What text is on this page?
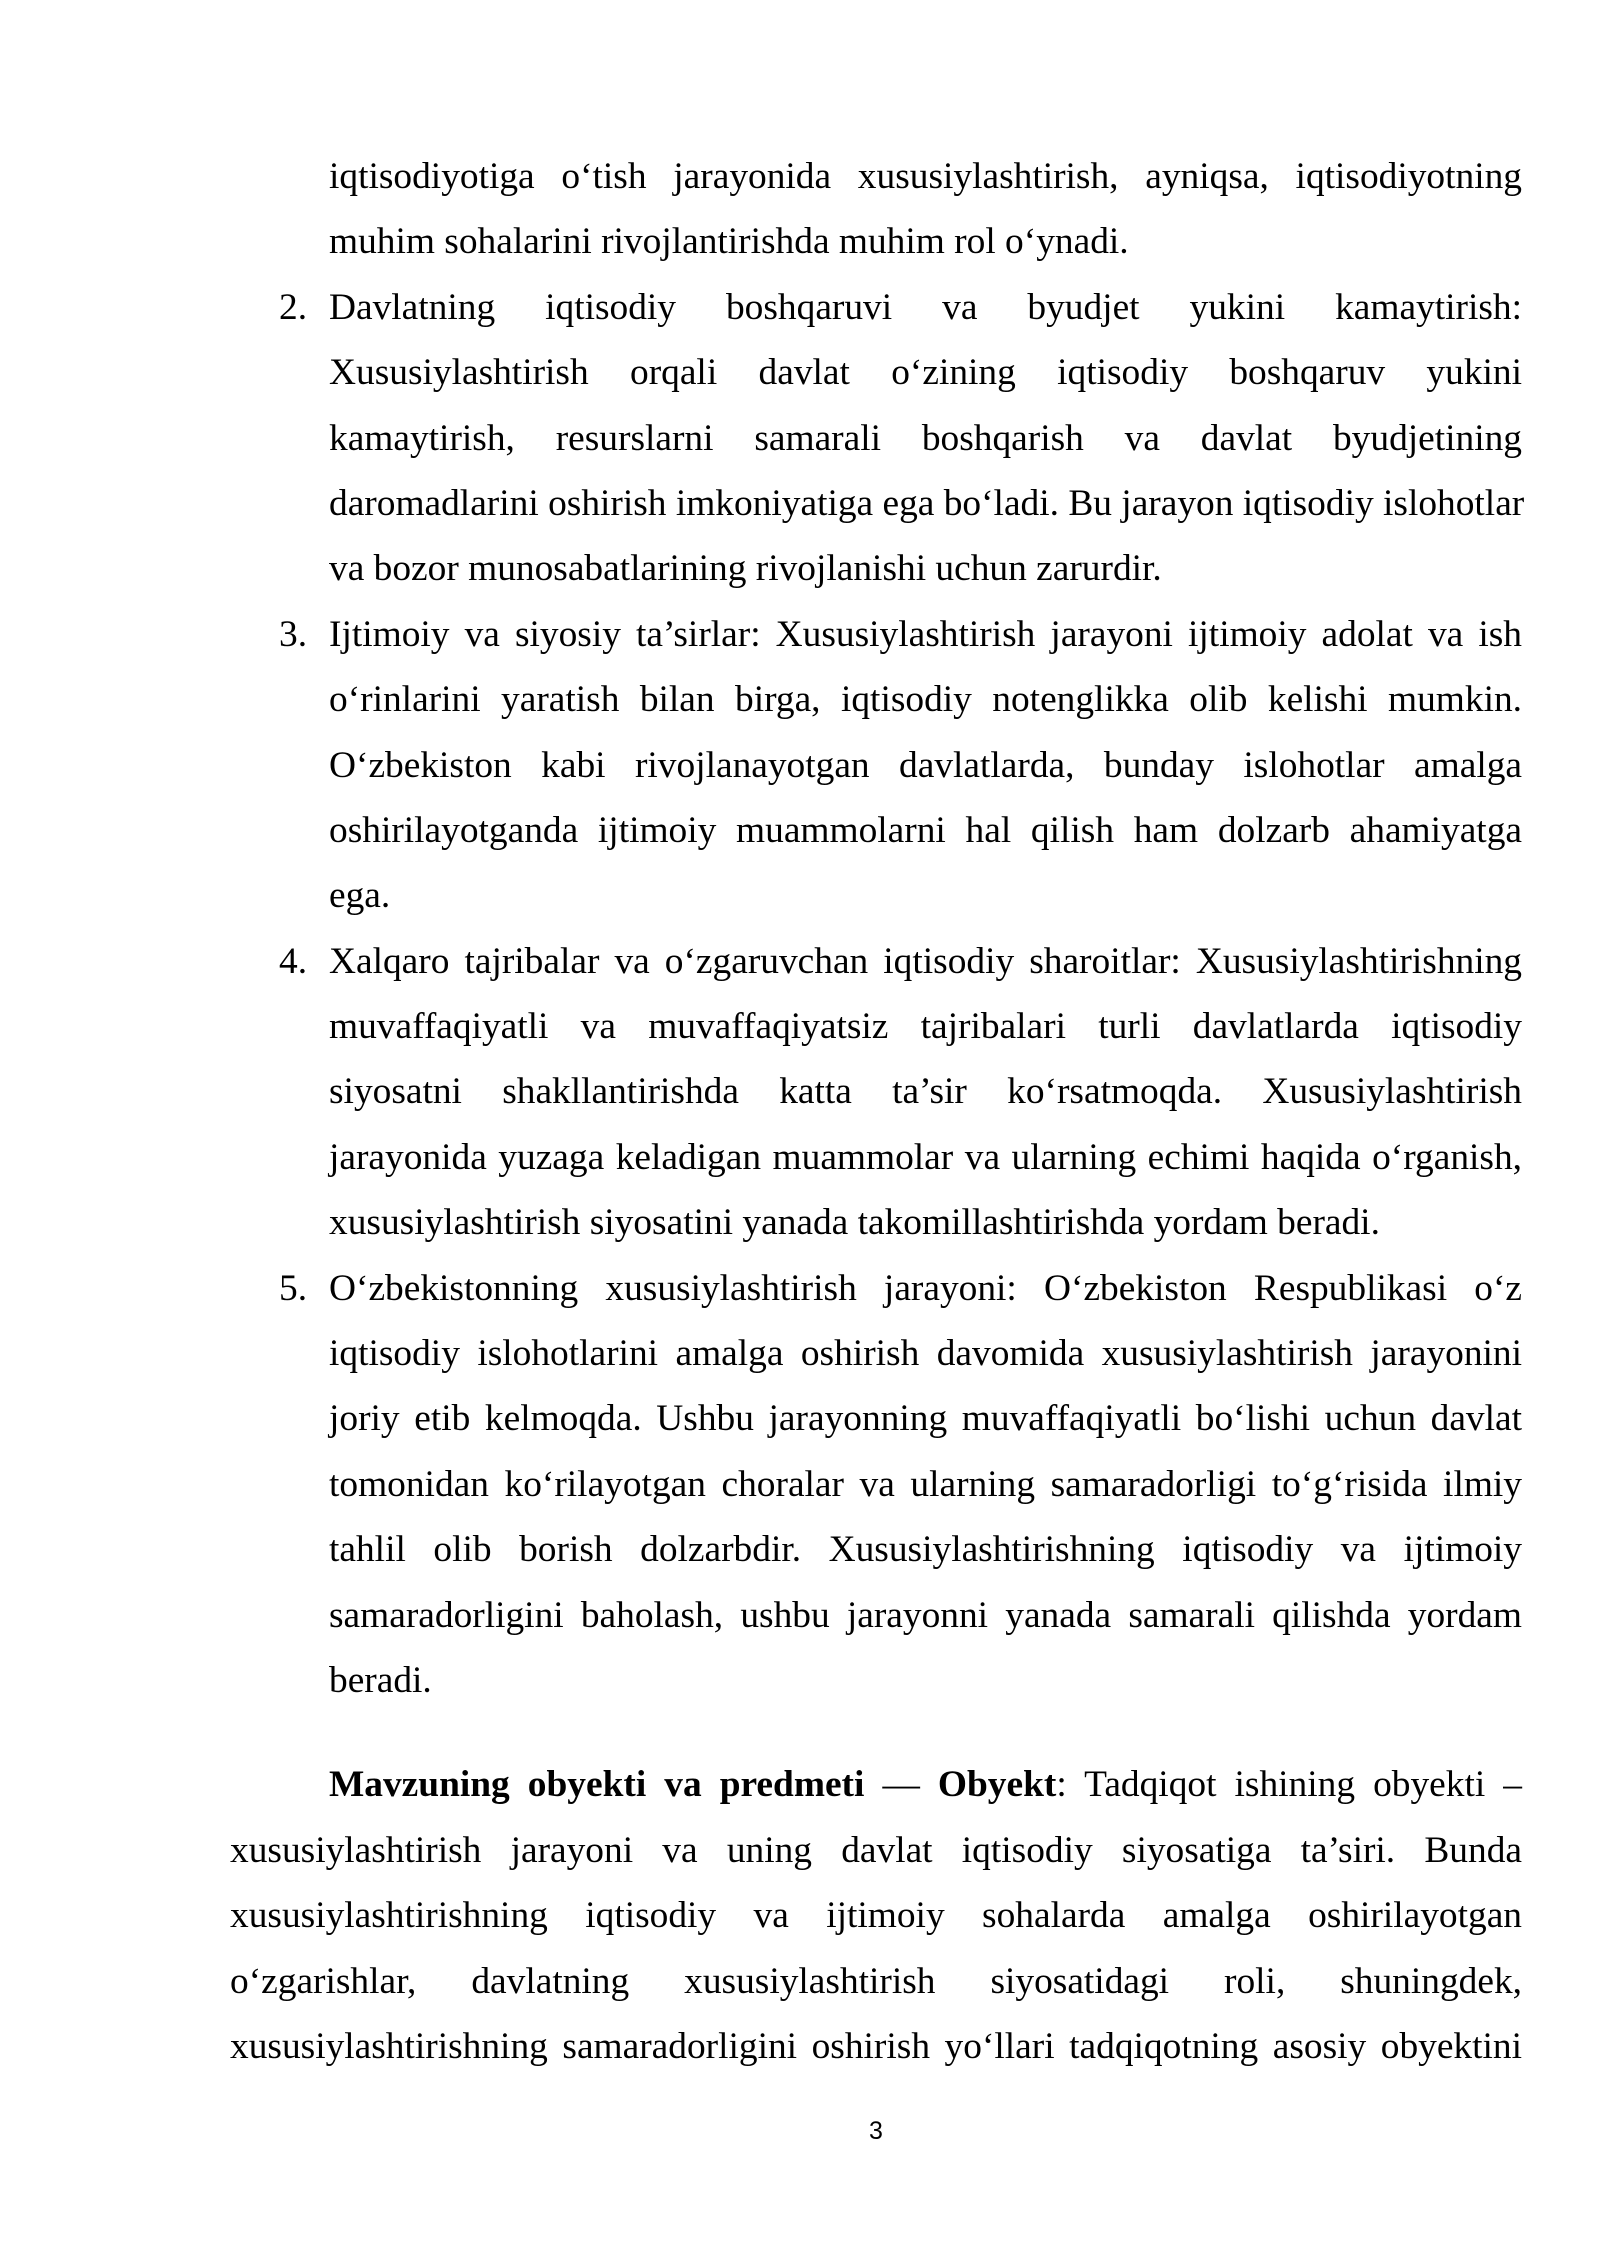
iqtisodiyotiga o‘tish jarayonida xususiylashtirish, ayniqsa, iqtisodiyotning
muhim sohalarini rivojlantirishda muhim rol o‘ynadi.
2. Davlatning iqtisodiy boshqaruvi va byudjet yukini kamaytirish:
Xususiylashtirish orqali davlat o‘zining iqtisodiy boshqaruv yukini
kamaytirish, resurslarni samarali boshqarish va davlat byudjetining
daromadlarini oshirish imkoniyatiga ega bo‘ladi. Bu jarayon iqtisodiy islohotlar
va bozor munosabatlarining rivojlanishi uchun zarurdir.
3. Ijtimoiy va siyosiy ta’sirlar: Xususiylashtirish jarayoni ijtimoiy adolat va ish
o‘rinlarini yaratish bilan birga, iqtisodiy notenglikka olib kelishi mumkin.
O‘zbekiston kabi rivojlanayotgan davlatlarda, bunday islohotlar amalga
oshirilayotganda ijtimoiy muammolarni hal qilish ham dolzarb ahamiyatga
ega.
4. Xalqaro tajribalar va o‘zgaruvchan iqtisodiy sharoitlar: Xususiylashtirishning
muvaffaqiyatli va muvaffaqiyatsiz tajribalari turli davlatlarda iqtisodiy
siyosatni shakllantirishda katta ta’sir ko‘rsatmoqda. Xususiylashtirish
jarayonida yuzaga keladigan muammolar va ularning echimi haqida o‘rganish,
xususiylashtirish siyosatini yanada takomillashtirishda yordam beradi.
5. O‘zbekistonning xususiylashtirish jarayoni: O‘zbekiston Respublikasi o‘z
iqtisodiy islohotlarini amalga oshirish davomida xususiylashtirish jarayonini
joriy etib kelmoqda. Ushbu jarayonning muvaffaqiyatli bo‘lishi uchun davlat
tomonidan ko‘rilayotgan choralar va ularning samaradorligi to‘g‘risida ilmiy
tahlil olib borish dolzarbdir. Xususiylashtirishning iqtisodiy va ijtimoiy
samaradorligini baholash, ushbu jarayonni yanada samarali qilishda yordam
beradi.
Mavzuning obyekti va predmeti — Obyekt: Tadqiqot ishining obyekti –
xususiylashtirish jarayoni va uning davlat iqtisodiy siyosatiga ta’siri. Bunda
xususiylashtirishning iqtisodiy va ijtimoiy sohalarda amalga oshirilayotgan
o‘zgarishlar, davlatning xususiylashtirish siyosatidagi roli, shuningdek,
xususiylashtirishning samaradorligini oshirish yo‘llari tadqiqotning asosiy obyektini
3
